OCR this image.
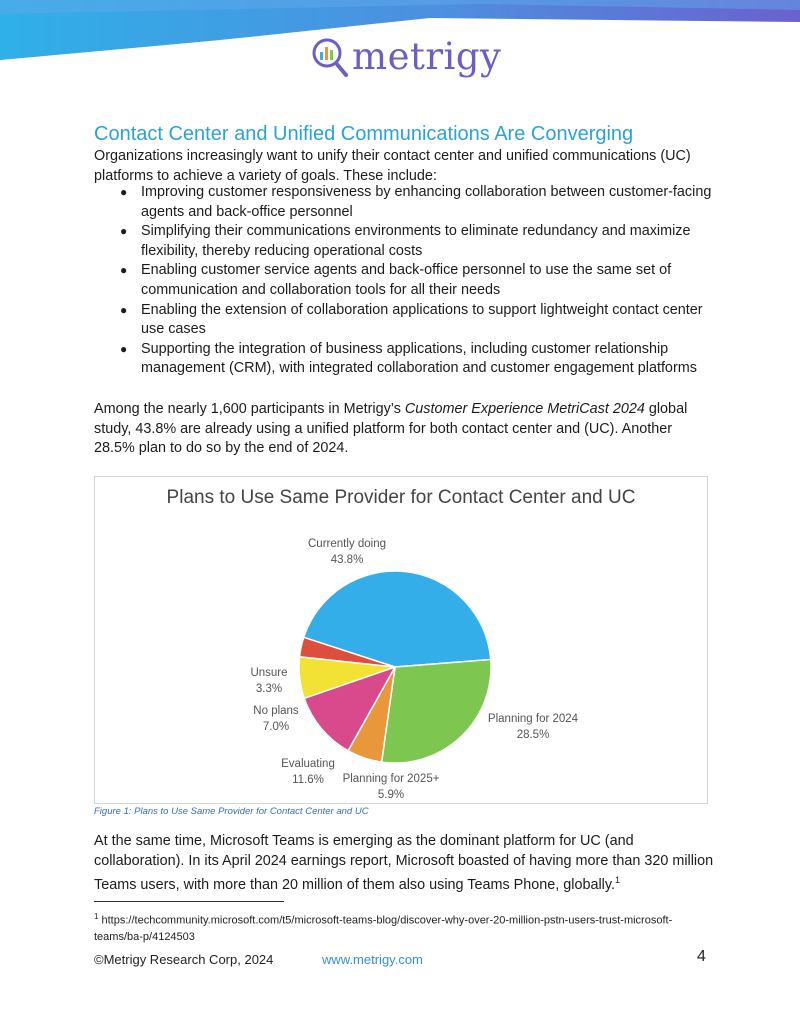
metrigy
Contact Center and Unified Communications Are Converging

Organizations increasingly want to unify their contact center and unified communications (UC) platforms to achieve a variety of goals. These include:

● Improving customer responsiveness by enhancing collaboration between customer-facing agents and back-office personnel
● Simplifying their communications environments to eliminate redundancy and maximize flexibility, thereby reducing operational costs
● Enabling customer service agents and back-office personnel to use the same set of communication and collaboration tools for all their needs
● Enabling the extension of collaboration applications to support lightweight contact center use cases
● Supporting the integration of business applications, including customer relationship management (CRM), with integrated collaboration and customer engagement platforms

Among the nearly 1,600 participants in Metrigy’s Customer Experience MetriCast 2024 global study, 43.8% are already using a unified platform for both contact center and (UC). Another 28.5% plan to do so by the end of 2024.

Plans to Use Same Provider for Contact Center and UC
Currently doing
43.8%
Planning for 2024
28.5%
Planning for 2025+
5.9%
Evaluating
11.6%
No plans
7.0%
Unsure
3.3%
Figure 1: Plans to Use Same Provider for Contact Center and UC

At the same time, Microsoft Teams is emerging as the dominant platform for UC (and collaboration). In its April 2024 earnings report, Microsoft boasted of having more than 320 million Teams users, with more than 20 million of them also using Teams Phone, globally.$^1$

$^1$ https://techcommunity.microsoft.com/t5/microsoft-teams-blog/discover-why-over-20-million-pstn-users-trust-microsoft-teams/ba-p/4124503
©Metrigy Research Corp, 2024	www.metrigy.com	4
